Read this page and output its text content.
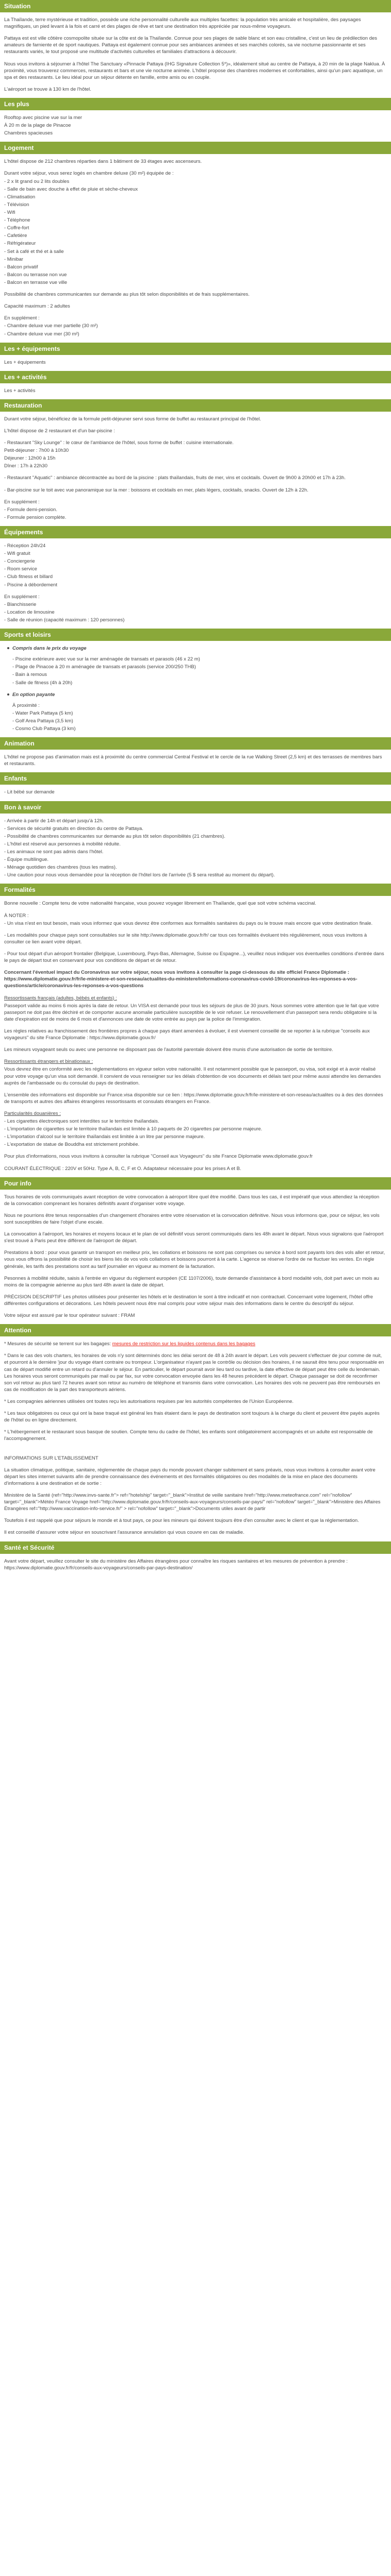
Situation

La Thaïlande, terre mystérieuse et tradition, possède une riche personnalité culturelle aux multiples facettes: la population très amicale et hospitalière, des paysages magnifiques, un pied levant à la fois et carré et des plages de rêve et tant une destination très appréciée par nous-même voyageurs.

Pattaya est est ville côtière cosmopolite située sur la côte est de la Thaïlande. Connue pour ses plages de sable blanc et son eau cristalline, c'est un lieu de prédilection des amateurs de farniente et de sport nautiques. Pattaya est également connue pour ses ambiances animées et ses marchés colorés, sa vie nocturne passionnante et ses restaurants variés, le tout proposé une multitude d'activités culturelles et familiales d'attractions à découvrir.

Nous vous invitons à séjourner à l'hôtel The Sanctuary «Pinnacle Pattaya (IHG Signature Collection 5*)», idéalement situé au centre de Pattaya, à 20 min de la plage Naklua. À proximité, vous trouverez commerces, restaurants et bars et une vie nocturne animée. L'hôtel propose des chambres modernes et confortables, ainsi qu'un parc aquatique, un spa et des restaurants. Le lieu idéal pour un séjour détente en famille, entre amis ou en couple.

L'aéroport se trouve à 130 km de l'hôtel.

Les plus

Rooftop avec piscine vue sur la mer

À 20 m de la plage de Pinacoe

Chambres spacieuses

Logement

L'hôtel dispose de 212 chambres réparties dans 1 bâtiment de 33 étages avec ascenseurs.

Durant votre séjour, vous serez logés en chambre deluxe (30 m²) équipée de :

- 2 x lit grand ou 2 lits doubles

- Salle de bain avec douche à effet de pluie et sèche-cheveux

- Climatisation

- Télévision

- Wifi

- Téléphone

- Coffre-fort

- Cafetière

- Réfrigérateur

- Set à café et thé et à salle

- Minibar

- Balcon privatif

- Balcon ou terrasse non vue

- Balcon en terrasse vue ville

Possibilité de chambres communicantes sur demande au plus tôt selon disponibilités et de frais supplémentaires.

Capacité maximum : 2 adultes

En supplément :

- Chambre deluxe vue mer partielle (30 m²)

- Chambre deluxe vue mer (30 m²)

Les + équipements

Les + équipements

Les + activités

Les + activités

Restauration

Durant votre séjour, bénéficiez de la formule petit-déjeuner servi sous forme de buffet au restaurant principal de l'hôtel.

L'hôtel dispose de 2 restaurant et d'un bar-piscine :

- Restaurant "Sky Lounge" : le cœur de l'ambiance de l'hôtel, sous forme de buffet : cuisine internationale.

Petit-déjeuner : 7h00 à 10h30

Déjeuner : 12h00 à 15h

Dîner : 17h à 22h30

- Restaurant "Aquatic" : ambiance décontractée au bord de la piscine : plats thaïlandais, fruits de mer, vins et cocktails. Ouvert de 9h00 à 20h00 et 17h à 23h.

- Bar-piscine sur le toit avec vue panoramique sur la mer : boissons et cocktails en mer, plats légers, cocktails, snacks. Ouvert de 12h à 22h.

En supplément :

- Formule demi-pension.

- Formule pension complète.

Équipements

- Réception 24h/24

- Wifi gratuit

- Conciergerie

- Room service

- Club fitness et billard

- Piscine à débordement

En supplément :

- Blanchisserie

- Location de limousine

- Salle de réunion (capacité maximum : 120 personnes)

Sports et loisirs

Compris dans le prix du voyage

- Piscine extérieure avec vue sur la mer aménagée de transats et parasols (46 x 22 m)

- Plage de Pinacoe à 20 m aménagée de transats et parasols (service 200/250 THB)

- Bain à remous

- Salle de fitness (4h à 20h)

En option payante

À proximité :

- Water Park Pattaya (5 km)

- Golf Area Pattaya (3,5 km)

- Cosmo Club Pattaya (3 km)

Animation

L'hôtel ne propose pas d'animation mais est à proximité du centre commercial Central Festival et le cercle de la rue Walking Street (2,5 km) et des terrasses de membres bars et restaurants.

Enfants

- Lit bébé sur demande

Bon à savoir

- Arrivée à partir de 14h et départ jusqu'à 12h.

- Services de sécurité gratuits en direction du centre de Pattaya.

- Possibilité de chambres communicantes sur demande au plus tôt selon disponibilités (21 chambres).

- L'hôtel est réservé aux personnes à mobilité réduite.

- Les animaux ne sont pas admis dans l'hôtel.

- Équipe multilingue.

- Ménage quotidien des chambres (tous les matins).

- Une caution pour nous vous demandée pour la réception de l'hôtel lors de l'arrivée (5 $ sera restitué au moment du départ).

Formalités

Bonne nouvelle : Compte tenu de votre nationalité française, vous pouvez voyager librement en Thaïlande, quel que soit votre schéma vaccinal.

À NOTER :

- Un visa n'est en tout besoin, mais vous informez que vous devrez être conformes aux formalités sanitaires du pays ou le trouve mais encore que votre destination finale.

- Les modalités pour chaque pays sont consultables sur le site http://www.diplomatie.gouv.fr/fr/ car tous ces formalités évoluent très régulièrement, nous vous invitons à consulter ce lien avant votre départ.

- Pour tout départ d'un aéroport frontalier (Belgique, Luxembourg, Pays-Bas, Allemagne, Suisse ou Espagne...), veuillez nous indiquer vos éventuelles conditions d'entrée dans le pays de départ tout en conservant pour vos conditions de départ et de retour.

Concernant l'éventuel impact du Coronavirus sur votre séjour, nous vous invitons à consulter la page ci-dessous du site officiel France Diplomatie : https://www.diplomatie.gouv.fr/fr/le-ministere-et-son-reseau/actualites-du-ministere/informations-coronavirus-covid-19/coronavirus-les-reponses-a-vos-questions/article/coronavirus-les-reponses-a-vos-questions

Ressortissants français (adultes, bébés et enfants) :

Passeport valide au moins 6 mois après la date de retour. Un VISA est demandé pour tous les séjours de plus de 30 jours. Nous sommes votre attention que le fait que votre passeport ne doit pas être déchiré et de comporter aucune anomalie particulière susceptible de le voir refuser. Le renouvellement d'un passeport sera rendu obligatoire si la date d'expiration est de moins de 6 mois et d'annonces une date de votre entrée au pays par la police de l'immigration.

Les règles relatives au franchissement des frontières propres à chaque pays étant amenées à évoluer, il est vivement conseillé de se reporter à la rubrique "conseils aux voyageurs" du site France Diplomatie : https://www.diplomatie.gouv.fr/

Les mineurs voyageant seuls ou avec une personne ne disposant pas de l'autorité parentale doivent être munis d'une autorisation de sortie de territoire.

Ressortissants étrangers et binationaux :

Vous devrez être en conformité avec les réglementations en vigueur selon votre nationalité. Il est notamment possible que le passeport, ou visa, soit exigé et à avoir réalisé pour votre voyage qu'un visa soit demandé. Il convient de vous renseigner sur les délais d'obtention de vos documents et délais tant pour même aussi attendre les demandes auprès de l'ambassade ou du consulat du pays de destination.

L'ensemble des informations est disponible sur France.visa disponible sur ce lien : https://www.diplomatie.gouv.fr/fr/le-ministere-et-son-reseau/actualites ou à des des données de transports et autres des affaires étrangères ressortissants et consulats étrangers en France.

Particularités douanières :

- Les cigarettes électroniques sont interdites sur le territoire thaïlandais.

- L'importation de cigarettes sur le territoire thaïlandais est limitée à 10 paquets de 20 cigarettes par personne majeure.

- L'importation d'alcool sur le territoire thaïlandais est limitée à un litre par personne majeure.

- L'exportation de statue de Bouddha est strictement prohibée.

Pour plus d'informations, nous vous invitons à consulter la rubrique "Conseil aux Voyageurs" du site France Diplomatie www.diplomatie.gouv.fr

COURANT ÉLECTRIQUE : 220V et 50Hz. Type A, B, C, F et O. Adaptateur nécessaire pour les prises A et B.

Pour info

Tous horaires de vols communiqués avant réception de votre convocation à aéroport libre quel être modifié. Dans tous les cas, il est impératif que vous attendiez la réception de la convocation comprenant les horaires définitifs avant d'organiser votre voyage.

Nous ne pourrions être tenus responsables d'un changement d'horaires entre votre réservation et la convocation définitive. Nous vous informons que, pour ce séjour, les vols sont susceptibles de faire l'objet d'une escale.

La convocation à l'aéroport, les horaires et moyens locaux et le plan de vol définitif vous seront communiqués dans les 48h avant le départ. Nous vous signalons que l'aéroport s'est trouvé à Paris peut être différent de l'aéroport de départ.

Prestations à bord : pour vous garantir un transport en meilleur prix, les collations et boissons ne sont pas comprises ou service à bord sont payants lors des vols aller et retour, vous vous offrons la possibilité de choisir les biens liés de vos vols collations et boissons pourront à la carte. L'agence se réserve l'ordre de ne fluctuer les ventes. En règle générale, les tarifs des prestations sont au tarif journalier en vigueur au moment de la facturation.

Pesonnes à mobilité réduite, saisis à l'entrée en vigueur du règlement européen (CE 1107/2006), toute demande d'assistance à bord modalité vols, doit part avec un mois au moins de la compagnie aérienne au plus tard 48h avant la date de départ.

PRÉCISION DESCRIPTIF Les photos utilisées pour présenter les hôtels et le destination le sont à titre indicatif et non contractuel. Concernant votre logement, l'hôtel offre différentes configurations et décorations. Les hôtels peuvent nous être mal compris pour votre séjour mais des informations dans le centre du descriptif du séjour.

Votre séjour est assuré par le tour opérateur suivant : FRAM

Attention

* Mesures de sécurité se terrent sur les bagages: mesures de restriction sur les liquides contenus dans les bagages

* Dans le cas des vols charters, les horaires de vols n'y sont déterminés donc les délai seront de 48 à 24h avant le départ. Les vols peuvent s'effectuer de jour comme de nuit, et pourront à le dernière 'jour du voyage étant contraire ou trompeur. L'organisateur n'ayant pas le contrôle ou décision des horaires, il ne saurait être tenu pour responsable en cas de départ modifié entre un retard ou d'annuler le séjour. En particulier, le départ pourrait avoir lieu tard ou tardive, la date effective de départ peut être celle du lendemain. Les horaires vous seront communiqués par mail ou par fax, sur votre convocation envoyée dans les 48 heures précédent le départ. Chaque passager se doit de reconfirmer son vol retour au plus tard 72 heures avant son retour au numéro de téléphone et transmis dans votre convocation. Les horaires des vols ne peuvent pas être remboursés en cas de modification de la part des transporteurs aériens.

* Les compagnies aériennes utilisées ont toutes reçu les autorisations requises par les autorités compétentes de l'Union Européenne.

* Les taux obligatoires ou ceux qui ont la base traqué est général les frais étaient dans le pays de destination sont toujours à la charge du client et peuvent être payés auprès de l'hôtel ou en ligne directement.

* L'hébergement et le restaurant sous basque de soutien. Compte tenu du cadre de l'hôtel, les enfants sont obligatoirement accompagnés et un adulte est responsable de l'accompagnement.

INFORMATIONS SUR L'ETABLISSEMENT

La situation climatique, politique, sanitaire, réglementée de chaque pays du monde pouvant changer subitement et sans préavis, nous vous invitons à consulter avant votre départ les sites internet suivants afin de prendre connaissance des événements et des formalités obligatoires ou des modalités de la mise en place des documents d'informations à une destination et de sortie :

Ministère de la Santé (ref="http://www.invs-sante.fr"> ref="hotelship" target="_blank">Institut de veille sanitaire href="http://www.meteofrance.com" rel="nofollow" target="_blank">Météo France Voyage href="http://www.diplomatie.gouv.fr/fr/conseils-aux-voyageurs/conseils-par-pays/" rel="nofollow" target="_blank">Ministère des Affaires Étrangères ref="http://www.vaccination-info-service.fr/" > rel="nofollow" target="_blank">Documents utiles avant de partir

Toutefois il est rappelé que pour séjours le monde et à tout pays, ce pour les mineurs qui doivent toujours être d'en consulter avec le client et que la réglementation.

Il est conseillé d'assurer votre séjour en souscrivant l'assurance annulation qui vous couvre en cas de maladie.

Santé et Sécurité

Avant votre départ, veuillez consulter le site du ministère des Affaires étrangères pour connaître les risques sanitaires et les mesures de prévention à prendre : https://www.diplomatie.gouv.fr/fr/conseils-aux-voyageurs/conseils-par-pays-destination/
